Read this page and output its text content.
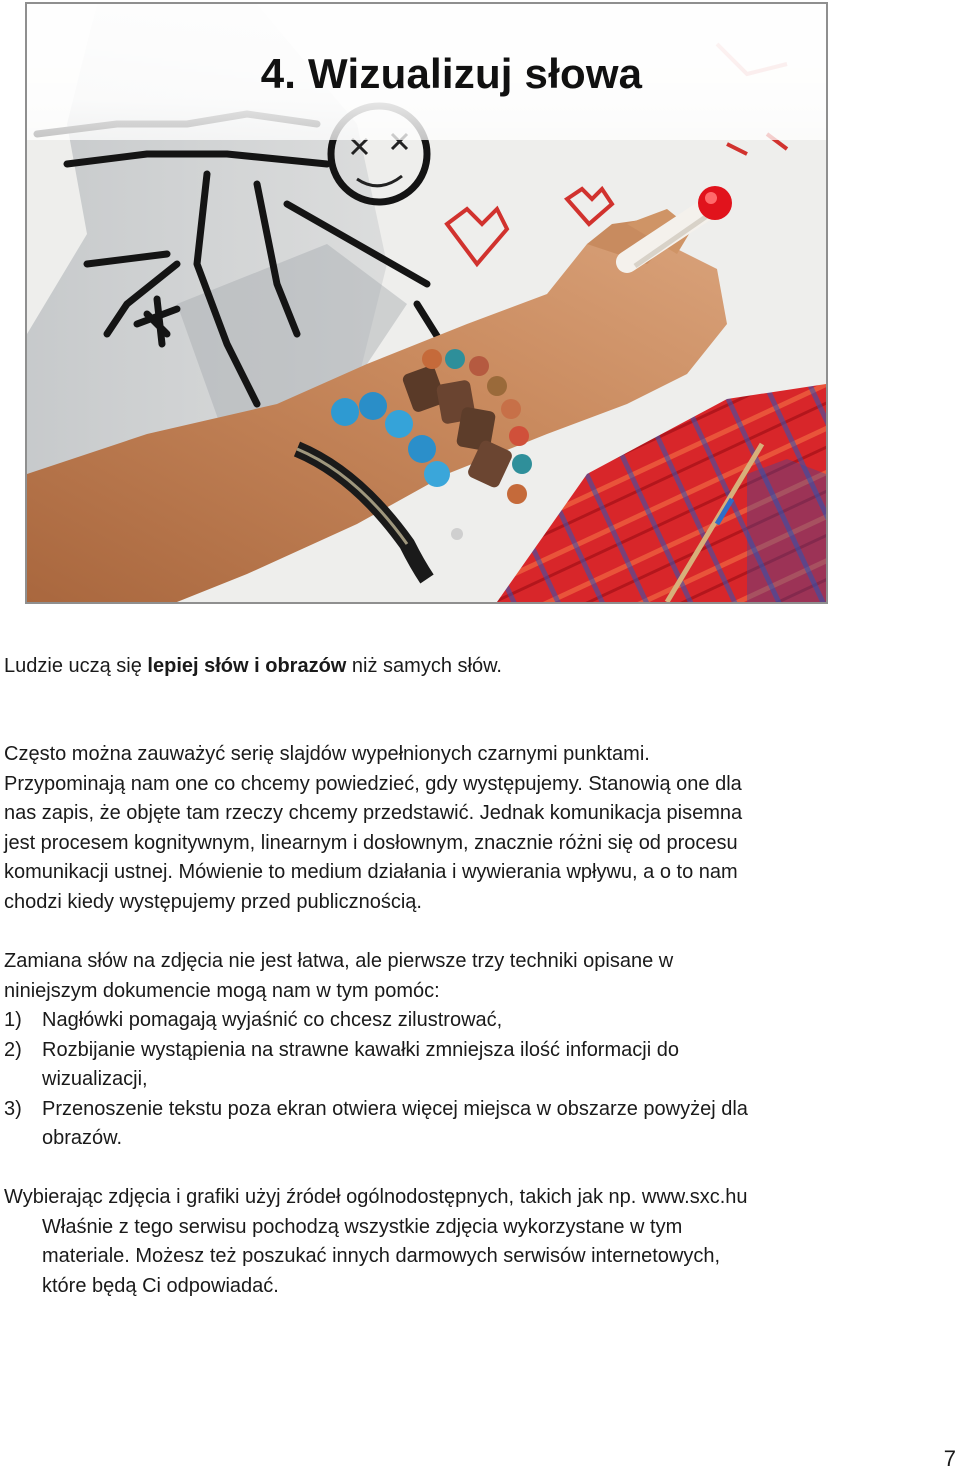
4. Wizualizuj słowa
Ludzie uczą się lepiej słów i obrazów niż samych słów.
Często można zauważyć serię slajdów wypełnionych czarnymi punktami.
Przypominają nam one co chcemy powiedzieć, gdy występujemy. Stanowią one dla
nas zapis, że objęte tam rzeczy chcemy przedstawić. Jednak komunikacja pisemna
jest procesem kognitywnym, linearnym i dosłownym, znacznie różni się od procesu
komunikacji ustnej. Mówienie to medium działania i wywierania wpływu, a o to nam
chodzi kiedy występujemy przed publicznością.
Zamiana słów na zdjęcia nie jest łatwa, ale pierwsze trzy techniki opisane w
niniejszym dokumencie mogą nam w tym pomóc:
1)	Nagłówki pomagają wyjaśnić co chcesz zilustrować,
2)	Rozbijanie wystąpienia na strawne kawałki zmniejsza ilość informacji do
wizualizacji,
3)	Przenoszenie tekstu poza ekran otwiera więcej miejsca w obszarze powyżej dla
obrazów.
Wybierając zdjęcia i grafiki użyj źródeł ogólnodostępnych, takich jak np. www.sxc.hu
Właśnie z tego serwisu pochodzą wszystkie zdjęcia wykorzystane w tym
materiale. Możesz też poszukać innych darmowych serwisów internetowych,
które będą Ci odpowiadać.
7
